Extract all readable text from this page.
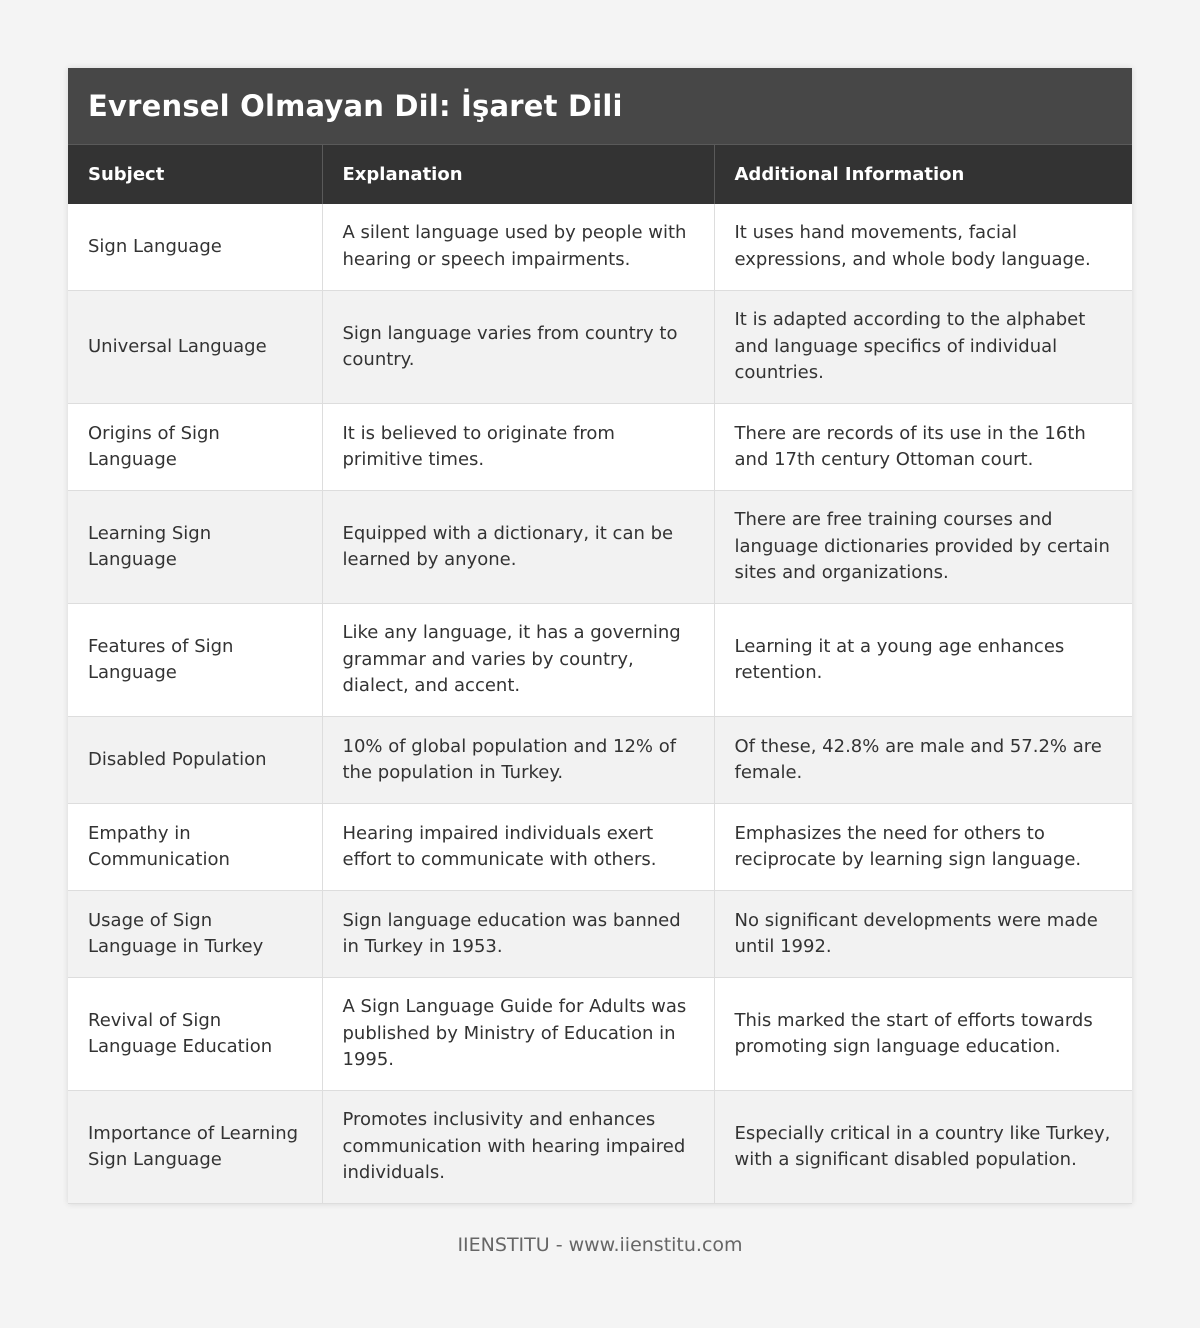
Evrensel Olmayan Dil: İşaret Dili
Subject	Explanation	Additional Information
Sign Language	A silent language used by people with hearing or speech impairments.	It uses hand movements, facial expressions, and whole body language.
Universal Language	Sign language varies from country to country.	It is adapted according to the alphabet and language specifics of individual countries.
Origins of Sign Language	It is believed to originate from primitive times.	There are records of its use in the 16th and 17th century Ottoman court.
Learning Sign Language	Equipped with a dictionary, it can be learned by anyone.	There are free training courses and language dictionaries provided by certain sites and organizations.
Features of Sign Language	Like any language, it has a governing grammar and varies by country, dialect, and accent.	Learning it at a young age enhances retention.
Disabled Population	10% of global population and 12% of the population in Turkey.	Of these, 42.8% are male and 57.2% are female.
Empathy in Communication	Hearing impaired individuals exert effort to communicate with others.	Emphasizes the need for others to reciprocate by learning sign language.
Usage of Sign Language in Turkey	Sign language education was banned in Turkey in 1953.	No significant developments were made until 1992.
Revival of Sign Language Education	A Sign Language Guide for Adults was published by Ministry of Education in 1995.	This marked the start of efforts towards promoting sign language education.
Importance of Learning Sign Language	Promotes inclusivity and enhances communication with hearing impaired individuals.	Especially critical in a country like Turkey, with a significant disabled population.
IIENSTITU - www.iienstitu.com
